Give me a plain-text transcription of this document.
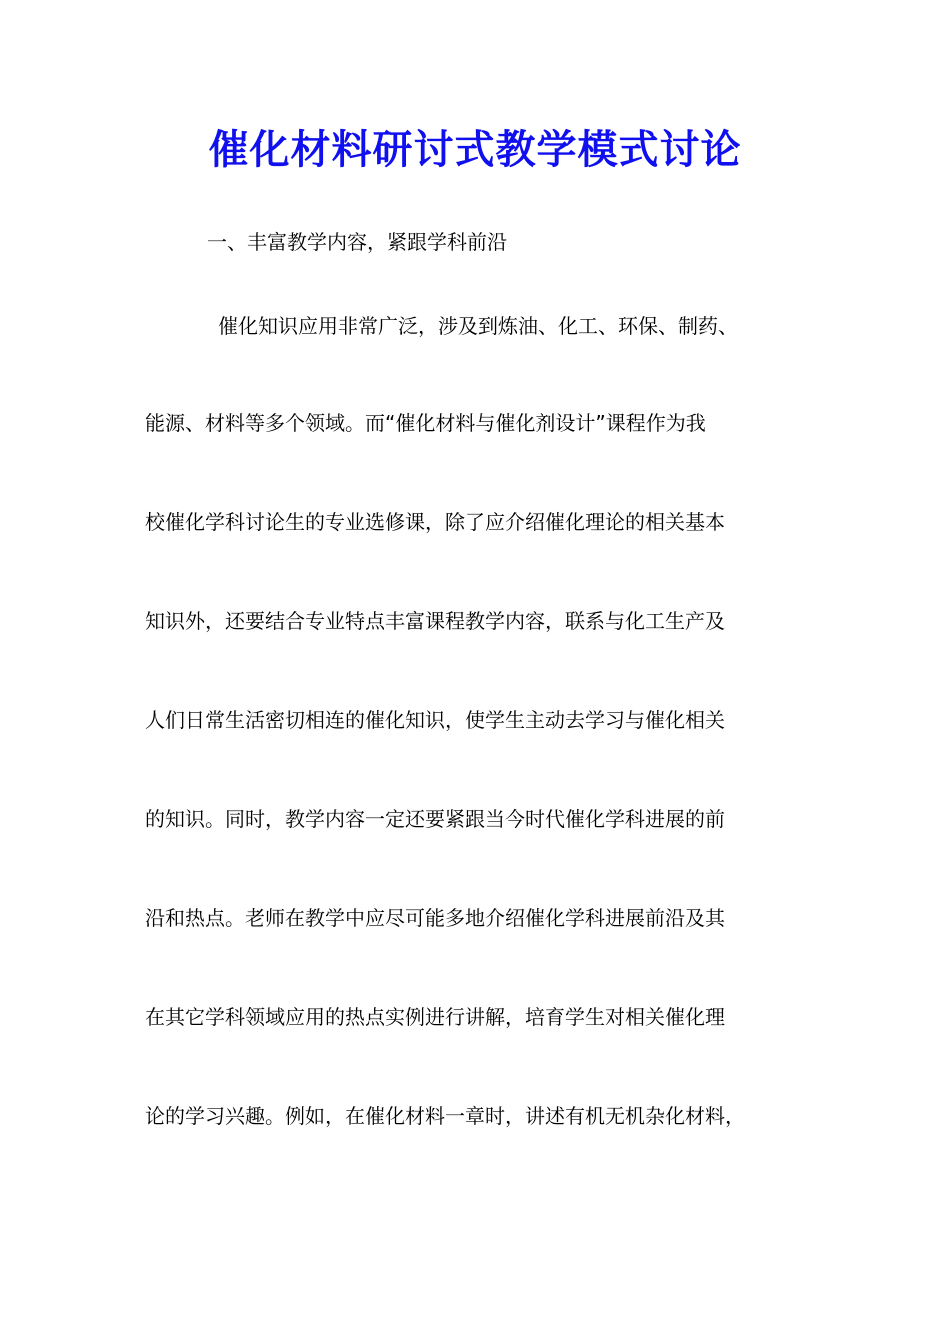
催化材料研讨式教学模式讨论
一、丰富教学内容，紧跟学科前沿
催化知识应用非常广泛，涉及到炼油、化工、环保、制药、
能源、材料等多个领域。而“催化材料与催化剂设计”课程作为我
校催化学科讨论生的专业选修课，除了应介绍催化理论的相关基本
知识外，还要结合专业特点丰富课程教学内容，联系与化工生产及
人们日常生活密切相连的催化知识，使学生主动去学习与催化相关
的知识。同时，教学内容一定还要紧跟当今时代催化学科进展的前
沿和热点。老师在教学中应尽可能多地介绍催化学科进展前沿及其
在其它学科领域应用的热点实例进行讲解，培育学生对相关催化理
论的学习兴趣。例如，在催化材料一章时，讲述有机无机杂化材料，
